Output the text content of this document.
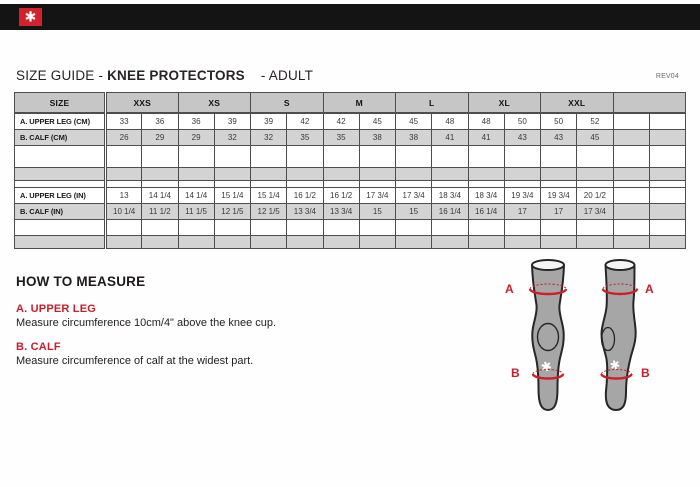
✱
SIZE GUIDE - KNEE PROTECTORS - ADULT	REV04
SIZE	XXS		XS		S		M		L		XL		XXL			
A. UPPER LEG (CM)	33	36	36	39	39	42	42	45	45	48	48	50	50	52		
B. CALF (CM)	26	29	29	32	32	35	35	38	38	41	41	43	43	45		

A. UPPER LEG (IN)	13	14 1/4	14 1/4	15 1/4	15 1/4	16 1/2	16 1/2	17 3/4	17 3/4	18 3/4	18 3/4	19 3/4	19 3/4	20 1/2		
B. CALF (IN)	10 1/4	11 1/2	11 1/5	12 1/5	12 1/5	13 3/4	13 3/4	15	15	16 1/4	16 1/4	17	17	17 3/4		

HOW TO MEASURE
A. UPPER LEG
Measure circumference 10cm/4" above the knee cup.
B. CALF
Measure circumference of calf at the widest part.	✱	✱
A
B
A
B
